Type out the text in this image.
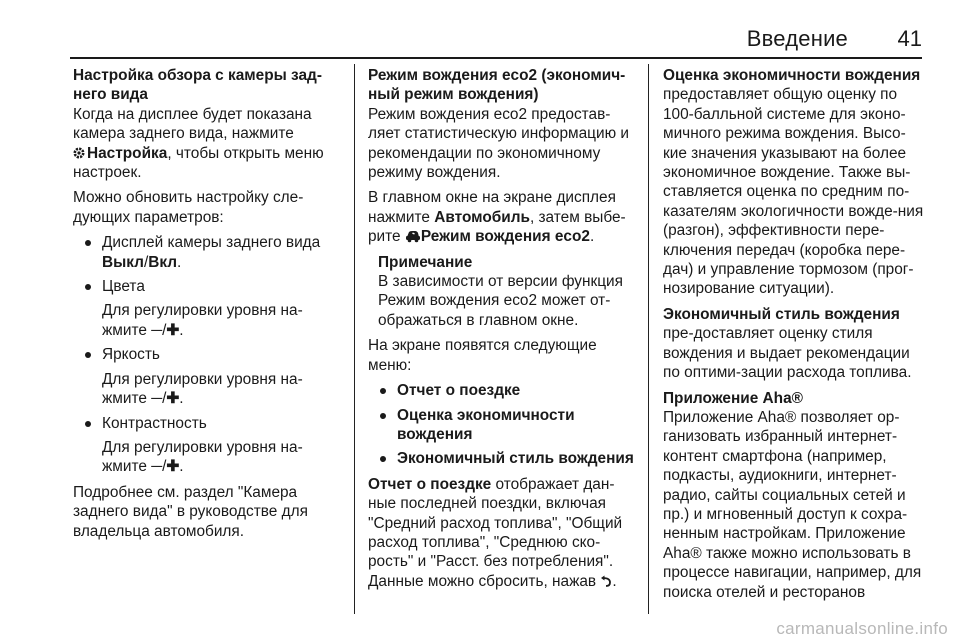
Введение 41

Настройка обзора с камеры зад-
него вида

Когда на дисплее будет показана камера заднего вида, нажмите

Настройка, чтобы открыть меню настроек.

Можно обновить настройку сле-дующих параметров:

Дисплей камеры заднего вида Выкл/Вкл.
Цвета
Для регулировки уровня на-жмите ─/✚.
Яркость
Для регулировки уровня на-жмите ─/✚.
Контрастность
Для регулировки уровня на-жмите ─/✚.

Подробнее см. раздел "Камера заднего вида" в руководстве для владельца автомобиля.

Режим вождения eco2 (экономич-
ный режим вождения)

Режим вождения eco2 предостав-ляет статистическую информацию и рекомендации по экономичному режиму вождения.

В главном окне на экране дисплея нажмите Автомобиль, затем выбе-рите Режим вождения eco2.

Примечание
В зависимости от версии функция Режим вождения eco2 может от-ображаться в главном окне.

На экране появятся следующие меню:

Отчет о поездке
Оценка экономичности вождения
Экономичный стиль вождения

Отчет о поездке отображает дан-ные последней поездки, включая "Средний расход топлива", "Общий расход топлива", "Среднюю ско-рость" и "Расст. без потребления". Данные можно сбросить, нажав .

Оценка экономичности вождения

предоставляет общую оценку по 100-балльной системе для эконо-мичного режима вождения. Высо-кие значения указывают на более экономичное вождение. Также вы-ставляется оценка по средним по-казателям экологичности вожде-ния (разгон), эффективности пере-ключения передач (коробка пере-дач) и управление тормозом (прог-нозирование ситуации).

Экономичный стиль вождения пре-доставляет оценку стиля вождения и выдает рекомендации по оптими-зации расхода топлива.

Приложение Aha®

Приложение Aha® позволяет ор-ганизовать избранный интернет-контент смартфона (например, подкасты, аудиокниги, интернет-радио, сайты социальных сетей и пр.) и мгновенный доступ к сохра-ненным настройкам. Приложение Aha® также можно использовать в процессе навигации, например, для поиска отелей и ресторанов

carmanualsonline.info
